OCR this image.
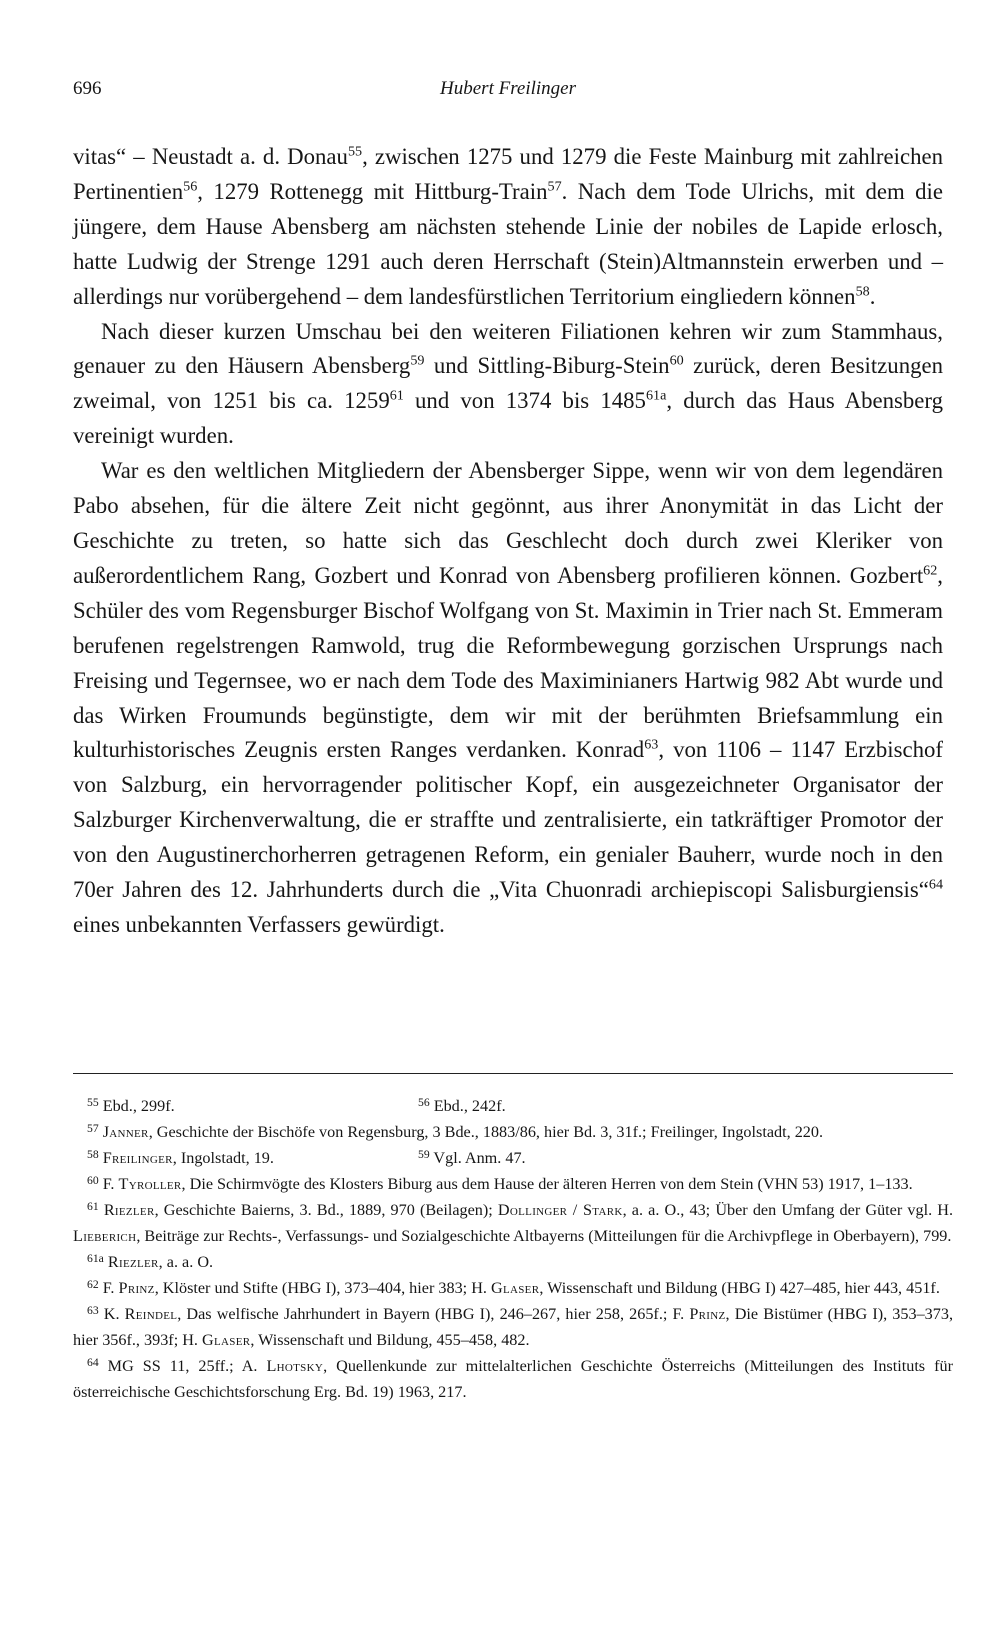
696	Hubert Freilinger

vitas“ – Neustadt a. d. Donau$^{55}$, zwischen 1275 und 1279 die Feste Mainburg mit zahlreichen Pertinentien$^{56}$, 1279 Rottenegg mit Hittburg-Train$^{57}$. Nach dem Tode Ulrichs, mit dem die jüngere, dem Hause Abensberg am nächsten stehende Linie der nobiles de Lapide erlosch, hatte Ludwig der Strenge 1291 auch deren Herrschaft (Stein)Altmannstein erwerben und – allerdings nur vorübergehend – dem landesfürstlichen Territorium eingliedern können$^{58}$.

Nach dieser kurzen Umschau bei den weiteren Filiationen kehren wir zum Stammhaus, genauer zu den Häusern Abensberg$^{59}$ und Sittling-Biburg-Stein$^{60}$ zurück, deren Besitzungen zweimal, von 1251 bis ca. 1259$^{61}$ und von 1374 bis $1485^{61a}$, durch das Haus Abensberg vereinigt wurden.

War es den weltlichen Mitgliedern der Abensberger Sippe, wenn wir von dem legendären Pabo absehen, für die ältere Zeit nicht gegönnt, aus ihrer Anonymität in das Licht der Geschichte zu treten, so hatte sich das Geschlecht doch durch zwei Kleriker von außerordentlichem Rang, Gozbert und Konrad von Abensberg profilieren können. Gozbert$^{62}$, Schüler des vom Regensburger Bischof Wolfgang von St. Maximin in Trier nach St. Emmeram berufenen regelstrengen Ramwold, trug die Reformbewegung gorzischen Ursprungs nach Freising und Tegernsee, wo er nach dem Tode des Maximinianers Hartwig 982 Abt wurde und das Wirken Froumunds begünstigte, dem wir mit der berühmten Briefsammlung ein kulturhistorisches Zeugnis ersten Ranges verdanken. Konrad$^{63}$, von 1106 – 1147 Erzbischof von Salzburg, ein hervorragender politischer Kopf, ein ausgezeichneter Organisator der Salzburger Kirchenverwaltung, die er straffte und zentralisierte, ein tatkräftiger Promotor der von den Augustinerchorherren getragenen Reform, ein genialer Bauherr, wurde noch in den 70er Jahren des 12. Jahrhunderts durch die „Vita Chuonradi archiepiscopi Salisburgiensis“$^{64}$ eines unbekannten Verfassers gewürdigt.

$^{55}$ Ebd., 299f.	$^{56}$ Ebd., 242f.

$^{57}$ Janner, Geschichte der Bischöfe von Regensburg, 3 Bde., 1883/86, hier Bd. 3, 31f.; Freilinger, Ingolstadt, 220.

$^{58}$ Freilinger, Ingolstadt, 19.	$^{59}$ Vgl. Anm. 47.

$^{60}$ F. Tyroller, Die Schirmvögte des Klosters Biburg aus dem Hause der älteren Herren von dem Stein (VHN 53) 1917, 1–133.

$^{61}$ Riezler, Geschichte Baierns, 3. Bd., 1889, 970 (Beilagen); Dollinger / Stark, a. a. O., 43; Über den Umfang der Güter vgl. H. Lieberich, Beiträge zur Rechts-, Verfassungs- und Sozialgeschichte Altbayerns (Mitteilungen für die Archivpflege in Oberbayern), 799.

$^{61a}$ Riezler, a. a. O.

$^{62}$ F. Prinz, Klöster und Stifte (HBG I), 373–404, hier 383; H. Glaser, Wissenschaft und Bildung (HBG I) 427–485, hier 443, 451f.

$^{63}$ K. Reindel, Das welfische Jahrhundert in Bayern (HBG I), 246–267, hier 258, 265f.; F. Prinz, Die Bistümer (HBG I), 353–373, hier 356f., 393f; H. Glaser, Wissenschaft und Bildung, 455–458, 482.

$^{64}$ MG SS 11, 25ff.; A. Lhotsky, Quellenkunde zur mittelalterlichen Geschichte Österreichs (Mitteilungen des Instituts für österreichische Geschichtsforschung Erg. Bd. 19) 1963, 217.
